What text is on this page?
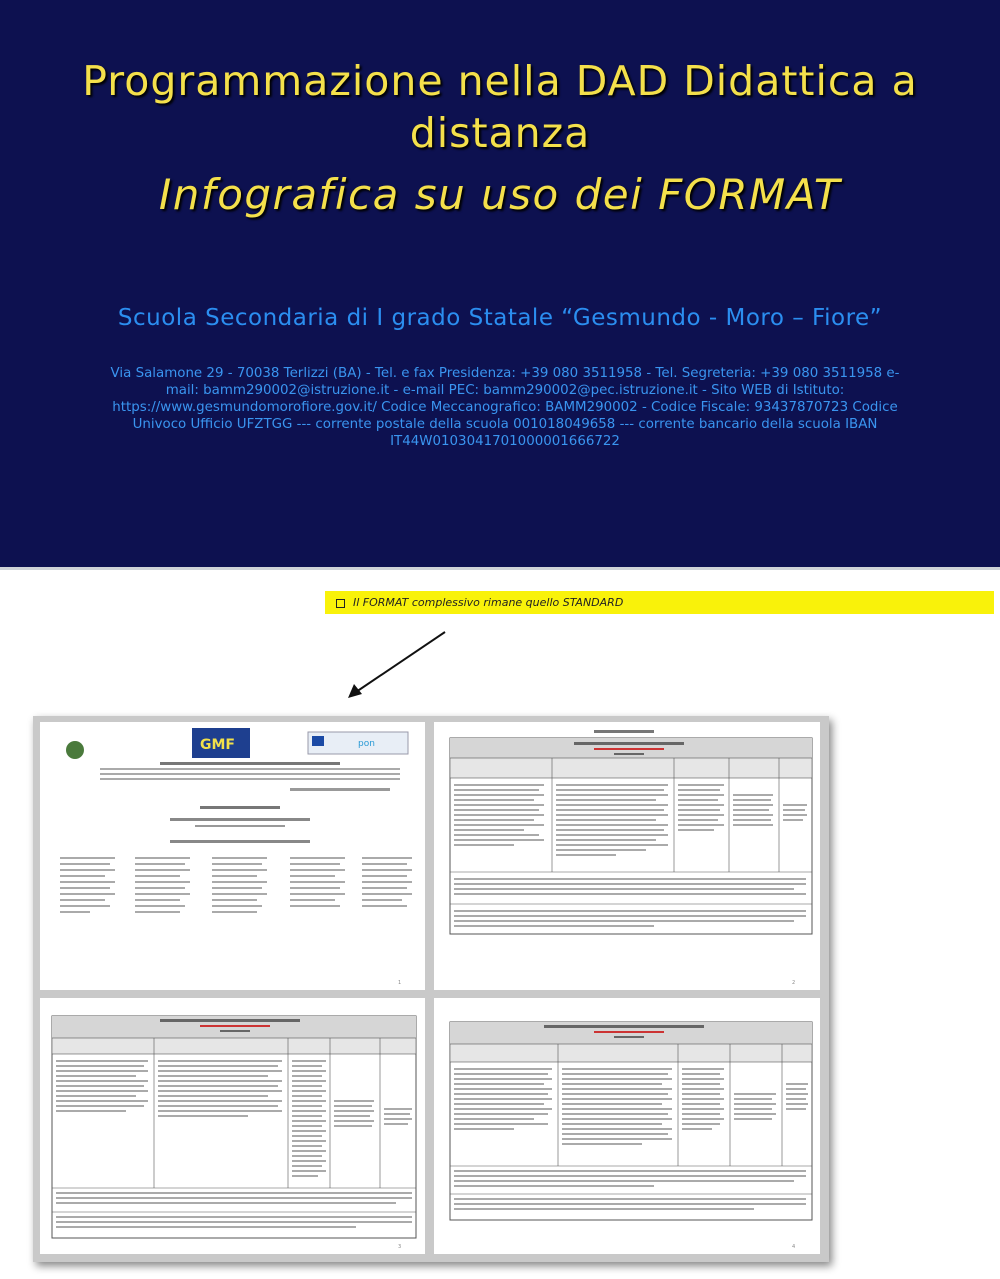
Programmazione nella DAD Didattica a
distanza
Infografica su uso dei FORMAT
Scuola Secondaria di I grado Statale “Gesmundo - Moro – Fiore”
Via Salamone 29 - 70038 Terlizzi (BA) - Tel. e fax Presidenza: +39 080 3511958 - Tel. Segreteria: +39 080 3511958 e-
mail: bamm290002@istruzione.it - e-mail PEC: bamm290002@pec.istruzione.it - Sito WEB di Istituto:
https://www.gesmundomorofiore.gov.it/ Codice Meccanografico: BAMM290002 - Codice Fiscale: 93437870723 Codice
Univoco Ufficio UFZTGG --- corrente postale della scuola 001018049658 --- corrente bancario della scuola IBAN
IT44W0103041701000001666722
Il FORMAT complessivo rimane quello STANDARD
GMF	pon
1	2
3	4
